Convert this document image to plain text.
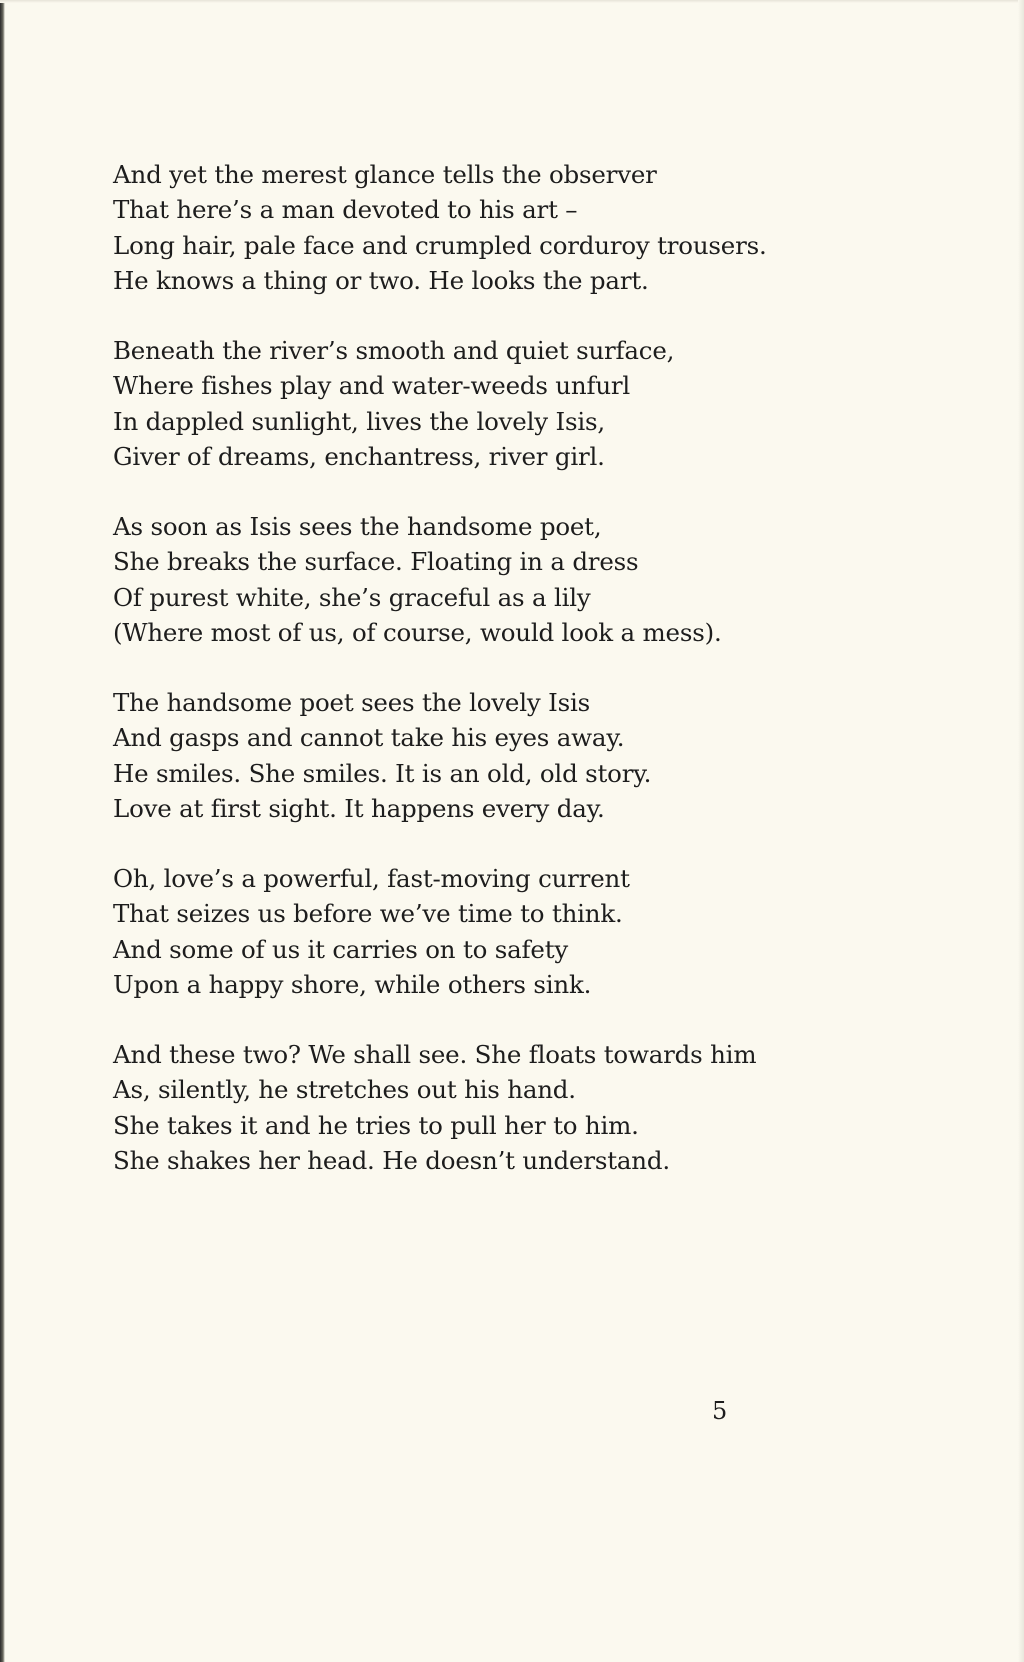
And yet the merest glance tells the observer
That here’s a man devoted to his art –
Long hair, pale face and crumpled corduroy trousers.
He knows a thing or two. He looks the part.
Beneath the river’s smooth and quiet surface,
Where fishes play and water-weeds unfurl
In dappled sunlight, lives the lovely Isis,
Giver of dreams, enchantress, river girl.
As soon as Isis sees the handsome poet,
She breaks the surface. Floating in a dress
Of purest white, she’s graceful as a lily
(Where most of us, of course, would look a mess).
The handsome poet sees the lovely Isis
And gasps and cannot take his eyes away.
He smiles. She smiles. It is an old, old story.
Love at first sight. It happens every day.
Oh, love’s a powerful, fast-moving current
That seizes us before we’ve time to think.
And some of us it carries on to safety
Upon a happy shore, while others sink.
And these two? We shall see. She floats towards him
As, silently, he stretches out his hand.
She takes it and he tries to pull her to him.
She shakes her head. He doesn’t understand.
5
